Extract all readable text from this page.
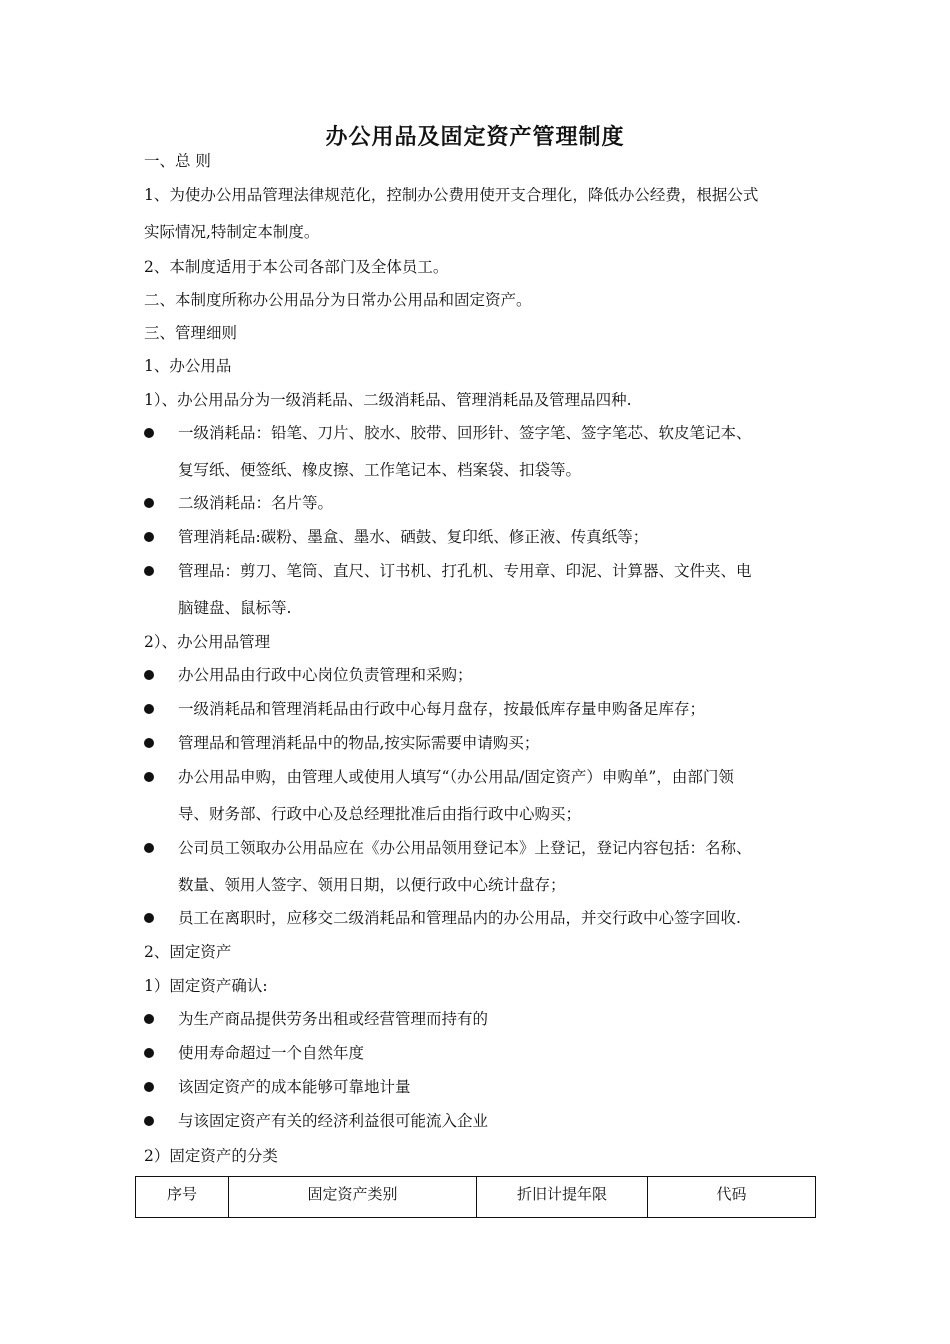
办公用品及固定资产管理制度
一、总 则
1、为使办公用品管理法律规范化，控制办公费用使开支合理化，降低办公经费，根据公式
实际情况,特制定本制度。
2、本制度适用于本公司各部门及全体员工。
二、本制度所称办公用品分为日常办公用品和固定资产。
三、管理细则
1、办公用品
1）、办公用品分为一级消耗品、二级消耗品、管理消耗品及管理品四种.
一级消耗品：铅笔、刀片、胶水、胶带、回形针、签字笔、签字笔芯、软皮笔记本、
复写纸、便签纸、橡皮擦、工作笔记本、档案袋、扣袋等。
二级消耗品：名片等。
管理消耗品:碳粉、墨盒、墨水、硒鼓、复印纸、修正液、传真纸等；
管理品：剪刀、笔筒、直尺、订书机、打孔机、专用章、印泥、计算器、文件夹、电
脑键盘、鼠标等.
2）、办公用品管理
办公用品由行政中心岗位负责管理和采购；
一级消耗品和管理消耗品由行政中心每月盘存，按最低库存量申购备足库存；
管理品和管理消耗品中的物品,按实际需要申请购买；
办公用品申购，由管理人或使用人填写“（办公用品/固定资产）申购单”，由部门领
导、财务部、行政中心及总经理批准后由指行政中心购买；
公司员工领取办公用品应在《办公用品领用登记本》上登记，登记内容包括：名称、
数量、领用人签字、领用日期，以便行政中心统计盘存；
员工在离职时，应移交二级消耗品和管理品内的办公用品，并交行政中心签字回收.
2、固定资产
1）固定资产确认:
为生产商品提供劳务出租或经营管理而持有的
使用寿命超过一个自然年度
该固定资产的成本能够可靠地计量
与该固定资产有关的经济利益很可能流入企业
2）固定资产的分类
序号	固定资产类别	折旧计提年限	代码
